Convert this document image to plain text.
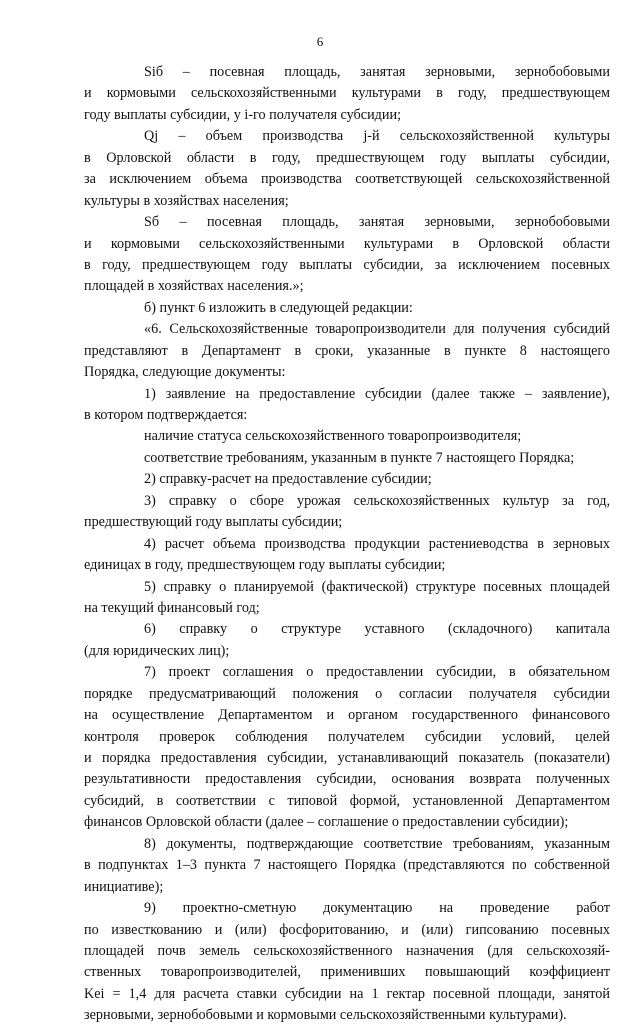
6
Siб – посевная площадь, занятая зерновыми, зернобобовыми
и кормовыми сельскохозяйственными культурами в году, предшествующем
году выплаты субсидии, у i-го получателя субсидии;
Qj – объем производства j-й сельскохозяйственной культуры
в Орловской области в году, предшествующем году выплаты субсидии,
за исключением объема производства соответствующей сельскохозяйственной
культуры в хозяйствах населения;
Sб – посевная площадь, занятая зерновыми, зернобобовыми
и кормовыми сельскохозяйственными культурами в Орловской области
в году, предшествующем году выплаты субсидии, за исключением посевных
площадей в хозяйствах населения.»;
б) пункт 6 изложить в следующей редакции:
«6. Сельскохозяйственные товаропроизводители для получения субсидий
представляют в Департамент в сроки, указанные в пункте 8 настоящего
Порядка, следующие документы:
1) заявление на предоставление субсидии (далее также – заявление),
в котором подтверждается:
наличие статуса сельскохозяйственного товаропроизводителя;
соответствие требованиям, указанным в пункте 7 настоящего Порядка;
2) справку-расчет на предоставление субсидии;
3) справку о сборе урожая сельскохозяйственных культур за год,
предшествующий году выплаты субсидии;
4) расчет объема производства продукции растениеводства в зерновых
единицах в году, предшествующем году выплаты субсидии;
5) справку о планируемой (фактической) структуре посевных площадей
на текущий финансовый год;
6) справку о структуре уставного (складочного) капитала
(для юридических лиц);
7) проект соглашения о предоставлении субсидии, в обязательном
порядке предусматривающий положения о согласии получателя субсидии
на осуществление Департаментом и органом государственного финансового
контроля проверок соблюдения получателем субсидии условий, целей
и порядка предоставления субсидии, устанавливающий показатель (показатели)
результативности предоставления субсидии, основания возврата полученных
субсидий, в соответствии с типовой формой, установленной Департаментом
финансов Орловской области (далее – соглашение о предоставлении субсидии);
8) документы, подтверждающие соответствие требованиям, указанным
в подпунктах 1–3 пункта 7 настоящего Порядка (представляются по собственной
инициативе);
9) проектно-сметную документацию на проведение работ
по известкованию и (или) фосфоритованию, и (или) гипсованию посевных
площадей почв земель сельскохозяйственного назначения (для сельскохозяй-
ственных товаропроизводителей, применивших повышающий коэффициент
Kei = 1,4 для расчета ставки субсидии на 1 гектар посевной площади, занятой
зерновыми, зернобобовыми и кормовыми сельскохозяйственными культурами).
